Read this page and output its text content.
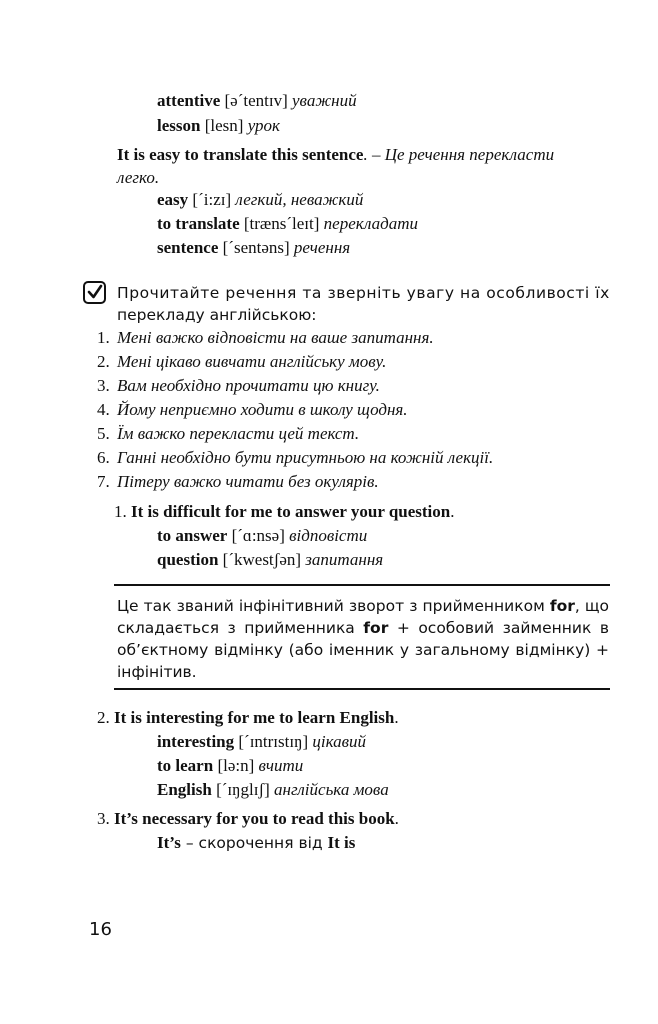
attentive [əˊtentɪv] уважний
lesson [lesn] урок
It is easy to translate this sentence. – Це речення перекласти
легко.
easy [ˊi:zɪ] легкий, неважкий
to translate [trænsˊleɪt] перекладати
sentence [ˊsentəns] речення
Прочитайте речення та зверніть увагу на особливості їх
перекладу англійською:
1. Мені важко відповісти на ваше запитання.
2. Мені цікаво вивчати англійську мову.
3. Вам необхідно прочитати цю книгу.
4. Йому неприємно ходити в школу щодня.
5. Їм важко перекласти цей текст.
6. Ганні необхідно бути присутньою на кожній лекції.
7. Пітеру важко читати без окулярів.
1. It is difficult for me to answer your question.
to answer [ˊɑ:nsə] відповісти
question [ˊkwestʃən] запитання
Це так званий інфінітивний зворот з прийменником for, що складається з прийменника for + особовий займенник в об’єктному відмінку (або іменник у загальному відмінку) + інфінітив.
2. It is interesting for me to learn English.
interesting [ˊɪntrɪstɪŋ] цікавий
to learn [lə:n] вчити
English [ˊɪŋglɪʃ] англійська мова
3. It’s necessary for you to read this book.
It’s – скорочення від It is
16
